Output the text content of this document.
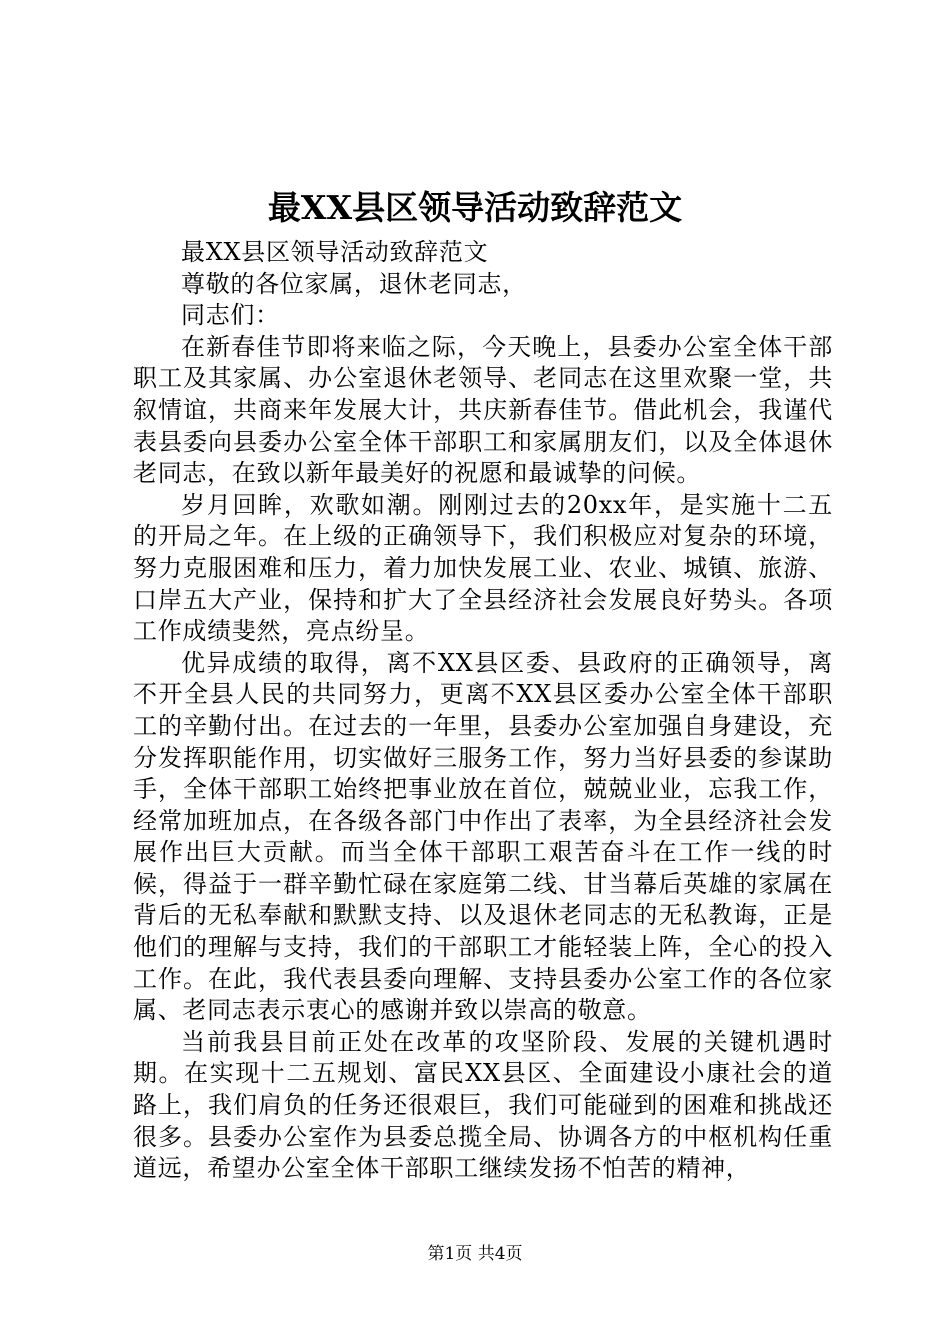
最XX县区领导活动致辞范文

最XX县区领导活动致辞范文

尊敬的各位家属，退休老同志，

同志们：

在新春佳节即将来临之际，今天晚上，县委办公室全体干部职工及其家属、办公室退休老领导、老同志在这里欢聚一堂，共叙情谊，共商来年发展大计，共庆新春佳节。借此机会，我谨代表县委向县委办公室全体干部职工和家属朋友们，以及全体退休老同志，在致以新年最美好的祝愿和最诚挚的问候。

岁月回眸，欢歌如潮。刚刚过去的20xx年，是实施十二五的开局之年。在上级的正确领导下，我们积极应对复杂的环境，努力克服困难和压力，着力加快发展工业、农业、城镇、旅游、口岸五大产业，保持和扩大了全县经济社会发展良好势头。各项工作成绩斐然，亮点纷呈。

优异成绩的取得，离不XX县区委、县政府的正确领导，离不开全县人民的共同努力，更离不XX县区委办公室全体干部职工的辛勤付出。在过去的一年里，县委办公室加强自身建设，充分发挥职能作用，切实做好三服务工作，努力当好县委的参谋助手，全体干部职工始终把事业放在首位，兢兢业业，忘我工作，经常加班加点，在各级各部门中作出了表率，为全县经济社会发展作出巨大贡献。而当全体干部职工艰苦奋斗在工作一线的时候，得益于一群辛勤忙碌在家庭第二线、甘当幕后英雄的家属在背后的无私奉献和默默支持、以及退休老同志的无私教诲，正是他们的理解与支持，我们的干部职工才能轻装上阵，全心的投入工作。在此，我代表县委向理解、支持县委办公室工作的各位家属、老同志表示衷心的感谢并致以崇高的敬意。

当前我县目前正处在改革的攻坚阶段、发展的关键机遇时期。在实现十二五规划、富民XX县区、全面建设小康社会的道路上，我们肩负的任务还很艰巨，我们可能碰到的困难和挑战还很多。县委办公室作为县委总揽全局、协调各方的中枢机构任重道远，希望办公室全体干部职工继续发扬不怕苦的精神，

第1页 共4页
